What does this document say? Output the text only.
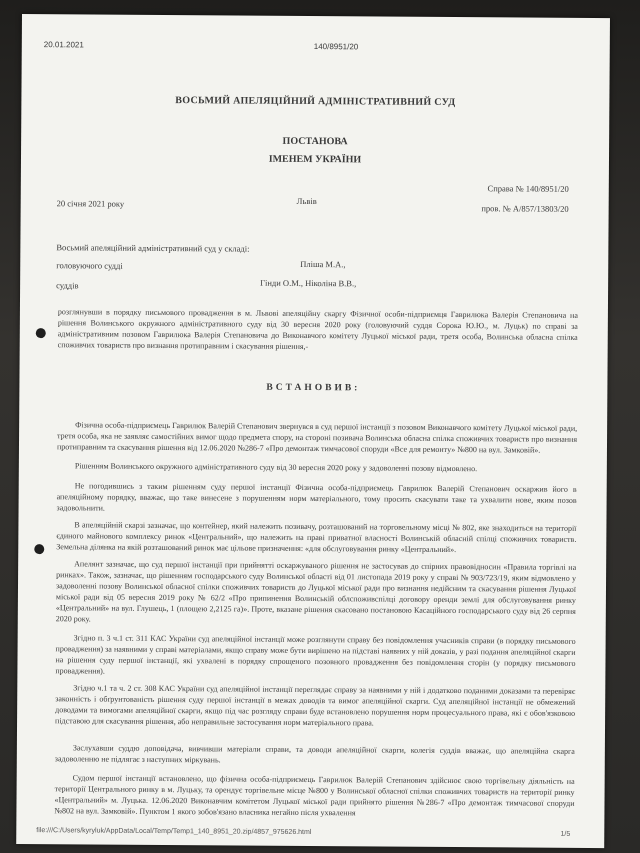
20.01.2021	140/8951/20
ВОСЬМИЙ АПЕЛЯЦІЙНИЙ АДМІНІСТРАТИВНИЙ СУД
ПОСТАНОВА
ІМЕНЕМ УКРАЇНИ
Справа № 140/8951/20
20 січня 2021 року	Львів
пров. № А/857/13803/20
Восьмий апеляційний адміністративний суд у складі:
головуючого судді	Пліша М.А.,
суддів	Гінди О.М., Ніколіна В.В.,
розглянувши в порядку письмового провадження в м. Львові апеляційну скаргу Фізичної особи-підприємця Гаврилюка Валерія Степановича на рішення Волинського окружного адміністративного суду від 30 вересня 2020 року (головуючий суддя Сорока Ю.Ю., м. Луцьк) по справі за адміністративним позовом Гаврилюка Валерія Степановича до Виконавчого комітету Луцької міської ради, третя особа, Волинська обласна спілка споживчих товариств про визнання протиправним і скасування рішення,-
ВСТАНОВИВ:
Фізична особа-підприємець Гаврилюк Валерій Степанович звернувся в суд першої інстанції з позовом Виконавчого комітету Луцької міської ради, третя особа, яка не заявляє самостійних вимог щодо предмета спору, на стороні позивача Волинська обласна спілка споживчих товариств про визнання протиправним та скасування рішення від 12.06.2020 №286-7 «Про демонтаж тимчасової споруди «Все для ремонту» №800 на вул. Замковій».
Рішенням Волинського окружного адміністративного суду від 30 вересня 2020 року у задоволенні позову відмовлено.
Не погодившись з таким рішенням суду першої інстанції Фізична особа-підприємець Гаврилюк Валерій Степанович оскаржив його в апеляційному порядку, вважає, що таке винесене з порушенням норм матеріального, тому просить скасувати таке та ухвалити нове, яким позов задовольнити.
В апеляційній скарзі зазначає, що контейнер, який належить позивачу, розташований на торговельному місці № 802, яке знаходиться на території єдиного майнового комплексу ринок «Центральний», що належить на праві приватної власності Волинській обласній спілці споживчих товариств. Земельна ділянка на якій розташований ринок має цільове призначення: «для обслуговування ринку «Центральний».
Апелянт зазначає, що суд першої інстанції при прийнятті оскаржуваного рішення не застосував до спірних правовідносин «Правила торгівлі на ринках». Також, зазначає, що рішенням господарського суду Волинської області від 01 листопада 2019 року у справі № 903/723/19, яким відмовлено у задоволенні позову Волинської обласної спілки споживчих товариств до Луцької міської ради про визнання недійсним та скасування рішення Луцької міської ради від 05 вересня 2019 року № 62/2 «Про припинення Волинській облспоживспілці договору оренди землі для обслуговування ринку «Центральний» на вул. Глушець, 1 (площею 2,2125 га)». Проте, вказане рішення скасовано постановою Касаційного господарського суду від 26 серпня 2020 року.
Згідно п. 3 ч.1 ст. 311 КАС України суд апеляційної інстанції може розглянути справу без повідомлення учасників справи (в порядку письмового провадження) за наявними у справі матеріалами, якщо справу може бути вирішено на підставі наявних у ній доказів, у разі подання апеляційної скарги на рішення суду першої інстанції, які ухвалені в порядку спрощеного позовного провадження без повідомлення сторін (у порядку письмового провадження).
Згідно ч.1 та ч. 2 ст. 308 КАС України суд апеляційної інстанції переглядає справу за наявними у ній і додатково поданими доказами та перевіряє законність і обґрунтованість рішення суду першої інстанції в межах доводів та вимог апеляційної скарги. Суд апеляційної інстанції не обмежений доводами та вимогами апеляційної скарги, якщо під час розгляду справи буде встановлено порушення норм процесуального права, які є обов'язковою підставою для скасування рішення, або неправильне застосування норм матеріального права.
Заслухавши суддю доповідача, вивчивши матеріали справи, та доводи апеляційної скарги, колегія суддів вважає, що апеляційна скарга задоволенню не підлягає з наступних міркувань.
Судом першої інстанції встановлено, що фізична особа-підприємець Гаврилюк Валерій Степанович здійснює свою торгівельну діяльність на території Центрального ринку в м. Луцьку, та орендує торгівельне місце №800 у Волинської обласної спілки споживчих товариств на території ринку «Центральний» м. Луцька. 12.06.2020 Виконавчим комітетом Луцької міської ради прийнято рішення №286-7 «Про демонтаж тимчасової споруди №802 на вул. Замковій». Пунктом 1 якого зобов'язано власника негайно після ухвалення
file:///C:/Users/kyryluk/AppData/Local/Temp/Temp1_140_8951_20.zip/4857_975626.html	1/5
